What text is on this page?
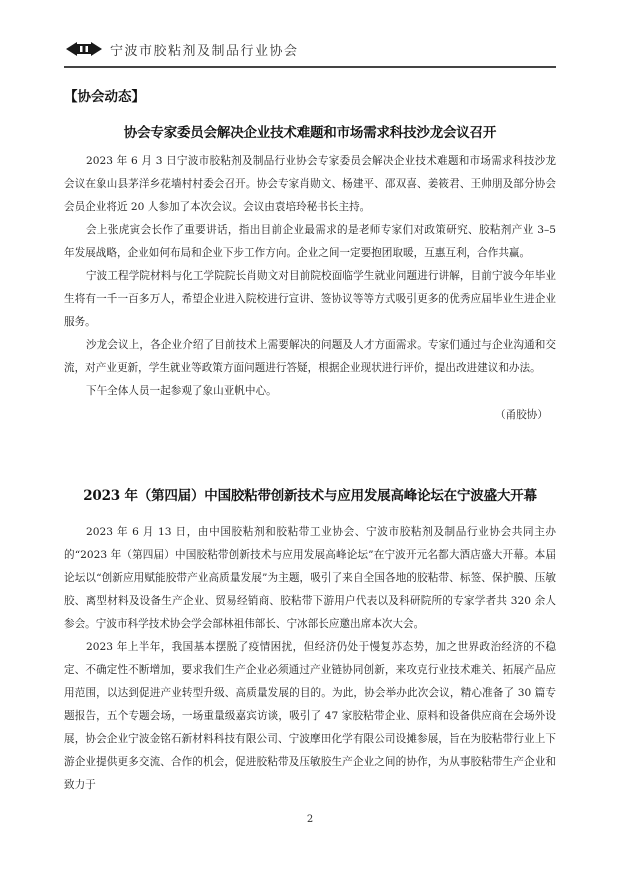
宁波市胶粘剂及制品行业协会
【协会动态】
协会专家委员会解决企业技术难题和市场需求科技沙龙会议召开

2023 年 6 月 3 日宁波市胶粘剂及制品行业协会专家委员会解决企业技术难题和市场需求科技沙龙会议在象山县茅洋乡花墙村村委会召开。协会专家肖勋文、杨建平、邵双喜、姜筱君、王帅朋及部分协会会员企业将近 20 人参加了本次会议。会议由袁培玲秘书长主持。

会上张虎寅会长作了重要讲话，指出目前企业最需求的是老师专家们对政策研究、胶粘剂产业 3–5 年发展战略，企业如何布局和企业下步工作方向。企业之间一定要抱团取暖，互惠互利，合作共赢。

宁波工程学院材料与化工学院院长肖勋文对目前院校面临学生就业问题进行讲解，目前宁波今年毕业生将有一千一百多万人，希望企业进入院校进行宣讲、签协议等等方式吸引更多的优秀应届毕业生进企业服务。

沙龙会议上，各企业介绍了目前技术上需要解决的问题及人才方面需求。专家们通过与企业沟通和交流，对产业更新，学生就业等政策方面问题进行答疑，根据企业现状进行评价，提出改进建议和办法。

下午全体人员一起参观了象山亚帆中心。

（甬胶协）
2023 年（第四届）中国胶粘带创新技术与应用发展高峰论坛在宁波盛大开幕

2023 年 6 月 13 日，由中国胶粘剂和胶粘带工业协会、宁波市胶粘剂及制品行业协会共同主办的“2023 年（第四届）中国胶粘带创新技术与应用发展高峰论坛”在宁波开元名都大酒店盛大开幕。本届论坛以“创新应用赋能胶带产业高质量发展”为主题，吸引了来自全国各地的胶粘带、标签、保护膜、压敏胶、离型材料及设备生产企业、贸易经销商、胶粘带下游用户代表以及科研院所的专家学者共 320 余人参会。宁波市科学技术协会学会部林祖伟部长、宁冰部长应邀出席本次大会。

2023 年上半年，我国基本摆脱了疫情困扰，但经济仍处于慢复苏态势，加之世界政治经济的不稳定、不确定性不断增加，要求我们生产企业必须通过产业链协同创新，来攻克行业技术难关、拓展产品应用范围，以达到促进产业转型升级、高质量发展的目的。为此，协会举办此次会议，精心准备了 30 篇专题报告，五个专题会场，一场重量级嘉宾访谈，吸引了 47 家胶粘带企业、原料和设备供应商在会场外设展，协会企业宁波金铭石新材料科技有限公司、宁波摩田化学有限公司设摊参展，旨在为胶粘带行业上下游企业提供更多交流、合作的机会，促进胶粘带及压敏胶生产企业之间的协作，为从事胶粘带生产企业和致力于

2
